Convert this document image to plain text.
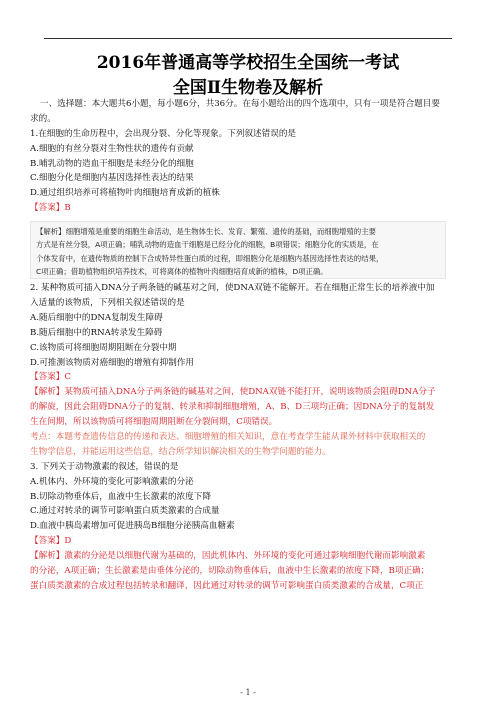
2016年普通高等学校招生全国统一考试
全国Ⅱ生物卷及解析
一、选择题：本大题共6小题，每小题6分，共36分。在每小题给出的四个选项中，只有一项是符合题目要
求的。
1.在细胞的生命历程中，会出现分裂、分化等现象。下列叙述错误的是
A.细胞的有丝分裂对生物性状的遗传有贡献
B.哺乳动物的造血干细胞是未经分化的细胞
C.细胞分化是细胞内基因选择性表达的结果
D.通过组织培养可将植物叶肉细胞培育成新的植株
【答案】B
【解析】细胞增殖是重要的细胞生命活动，是生物体生长、发育、繁殖、遗传的基础，而细胞增殖的主要
方式是有丝分裂，A项正确；哺乳动物的造血干细胞是已经分化的细胞，B项错误；细胞分化的实质是，在
个体发育中，在遗传物质的控制下合成特异性蛋白质的过程，即细胞分化是细胞内基因选择性表达的结果，
C项正确；借助植物组织培养技术，可将离体的植物叶肉细胞培育成新的植株，D项正确。
2. 某种物质可插入DNA分子两条链的碱基对之间，使DNA双链不能解开。若在细胞正常生长的培养液中加
入适量的该物质，下列相关叙述错误的是
A.随后细胞中的DNA复制发生障碍
B.随后细胞中的RNA转录发生障碍
C.该物质可将细胞周期阻断在分裂中期
D.可推测该物质对癌细胞的增殖有抑制作用
【答案】C
【解析】某物质可插入DNA分子两条链的碱基对之间，使DNA双链不能打开，说明该物质会阻碍DNA分子
的解旋，因此会阻碍DNA分子的复制、转录和抑制细胞增殖，A、B、D三项均正确；因DNA分子的复制发
生在间期，所以该物质可将细胞周期阻断在分裂间期，C项错误。
考点：本题考查遗传信息的传递和表达、细胞增殖的相关知识，意在考查学生能从课外材料中获取相关的
生物学信息，并能运用这些信息，结合所学知识解决相关的生物学问题的能力。
3. 下列关于动物激素的叙述，错误的是
A.机体内、外环境的变化可影响激素的分泌
B.切除动物垂体后，血液中生长激素的浓度下降
C.通过对转录的调节可影响蛋白质类激素的合成量
D.血液中胰岛素增加可促进胰岛B细胞分泌胰高血糖素
【答案】D
【解析】激素的分泌是以细胞代谢为基础的，因此机体内、外环境的变化可通过影响细胞代谢而影响激素
的分泌，A项正确；生长激素是由垂体分泌的，切除动物垂体后，血液中生长激素的浓度下降，B项正确；
蛋白质类激素的合成过程包括转录和翻译，因此通过对转录的调节可影响蛋白质类激素的合成量，C项正
- 1 -
